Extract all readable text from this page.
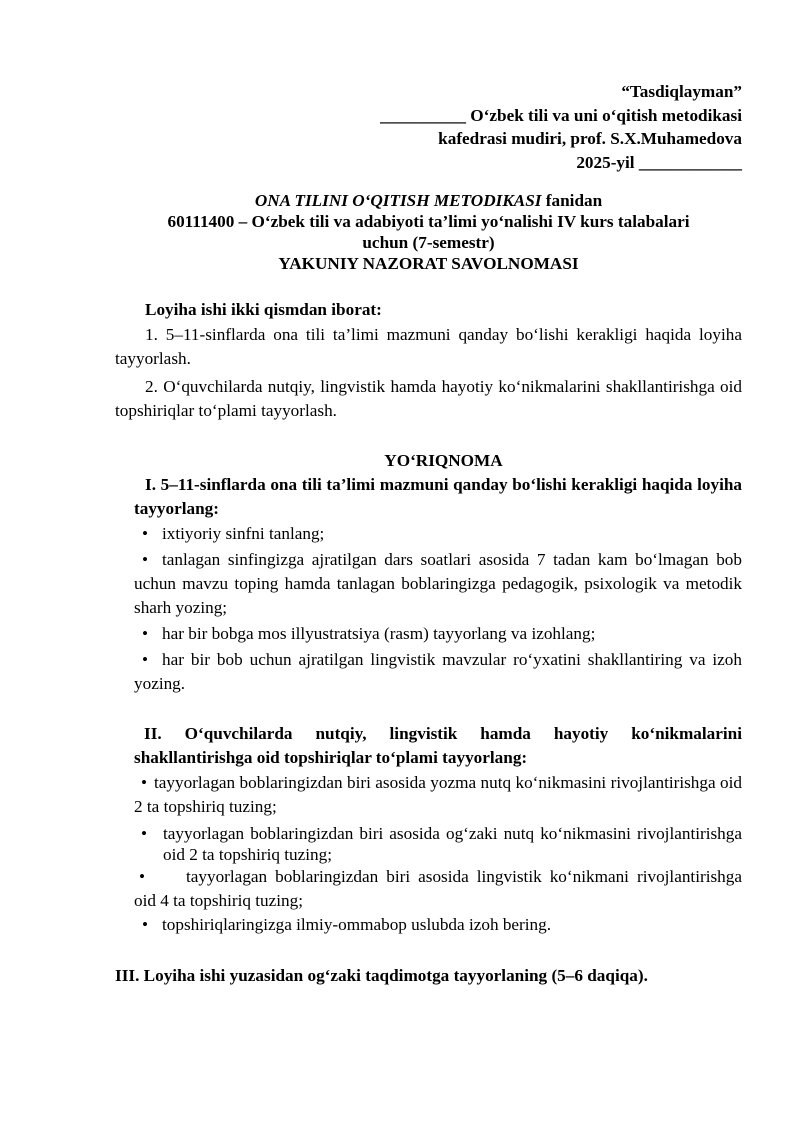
“Tasdiqlayman”
__________ O‘zbek tili va uni o‘qitish metodikasi
kafedrasi mudiri, prof. S.X.Muhamedova
2025-yil ____________
ONA TILINI O‘QITISH METODIKASI fanidan
60111400 – O‘zbek tili va adabiyoti ta’limi yo‘nalishi IV kurs talabalari
uchun (7-semestr)
YAKUNIY NAZORAT SAVOLNOMASI
Loyiha ishi ikki qismdan iborat:
1. 5–11-sinflarda ona tili ta’limi mazmuni qanday bo‘lishi kerakligi haqida loyiha tayyorlash.
2. O‘quvchilarda nutqiy, lingvistik hamda hayotiy ko‘nikmalarini shakllantirishga oid topshiriqlar to‘plami tayyorlash.
YO‘RIQNOMA
I. 5–11-sinflarda ona tili ta’limi mazmuni qanday bo‘lishi kerakligi haqida loyiha tayyorlang:
• ixtiyoriy sinfni tanlang;
• tanlagan sinfingizga ajratilgan dars soatlari asosida 7 tadan kam bo‘lmagan bob uchun mavzu toping hamda tanlagan boblaringizga pedagogik, psixologik va metodik sharh yozing;
• har bir bobga mos illyustratsiya (rasm) tayyorlang va izohlang;
• har bir bob uchun ajratilgan lingvistik mavzular ro‘yxatini shakllantiring va izoh yozing.
II. O‘quvchilarda nutqiy, lingvistik hamda hayotiy ko‘nikmalarini shakllantirishga oid topshiriqlar to‘plami tayyorlang:
• tayyorlagan boblaringizdan biri asosida yozma nutq ko‘nikmasini rivojlantirishga oid 2 ta topshiriq tuzing;
• tayyorlagan boblaringizdan biri asosida og‘zaki nutq ko‘nikmasini rivojlantirishga oid 2 ta topshiriq tuzing;
• tayyorlagan boblaringizdan biri asosida lingvistik ko‘nikmani rivojlantirishga oid 4 ta topshiriq tuzing;
• topshiriqlaringizga ilmiy-ommabop uslubda izoh bering.
III. Loyiha ishi yuzasidan og‘zaki taqdimotga tayyorlaning (5–6 daqiqa).
